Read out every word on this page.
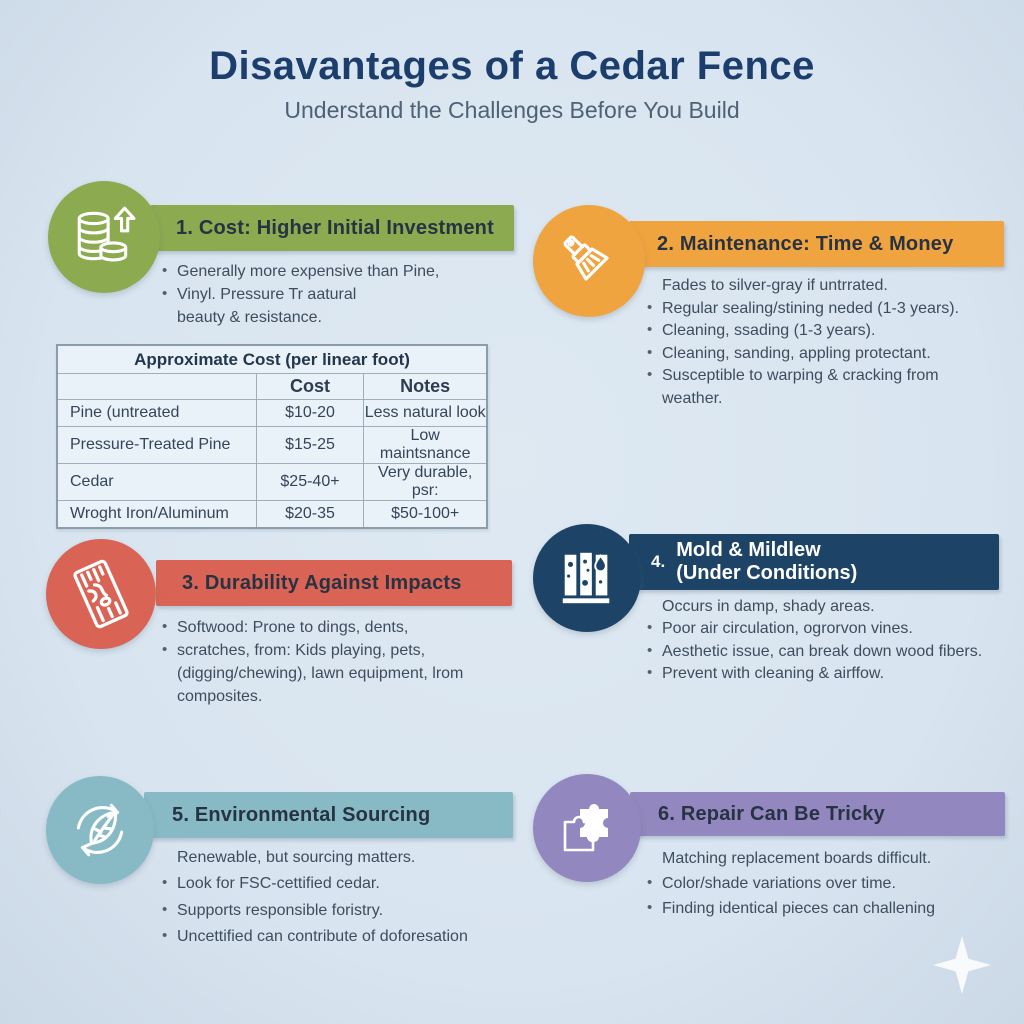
Disavantages of a Cedar Fence
Understand the Challenges Before You Build
1. Cost: Higher Initial Investment
• Generally more expensive than Pine,
• Vinyl. Pressure Tr aatural
beauty & resistance.
Approximate Cost (per linear foot)		
	Cost	Notes
Pine (untreated	$10-20	Less natural look
Pressure-Treated Pine	$15-25	Low maintsnance
Cedar	$25-40+	Very durable, psr:
Wroght Iron/Aluminum	$20-35	$50-100+
2. Maintenance: Time & Money
Fades to silver-gray if untrrated.
• Regular sealing/stining neded (1-3 years).
• Cleaning, ssading (1-3 years).
• Cleaning, sanding, appling protectant.
• Susceptible to warping & cracking from
weather.
3. Durability Against Impacts
• Softwood: Prone to dings, dents,
• scratches, from: Kids playing, pets,
(digging/chewing), lawn equipment, lrom
composites.
4.
Mold & Mildlew
(Under Conditions)
Occurs in damp, shady areas.
• Poor air circulation, ogrorvon vines.
• Aesthetic issue, can break down wood fibers.
• Prevent with cleaning & airffow.
5. Environmental Sourcing
Renewable, but sourcing matters.
• Look for FSC-cettified cedar.
• Supports responsible foristry.
• Uncettified can contribute of doforesation
6. Repair Can Be Tricky
Matching replacement boards difficult.
• Color/shade variations over time.
• Finding identical pieces can challening
